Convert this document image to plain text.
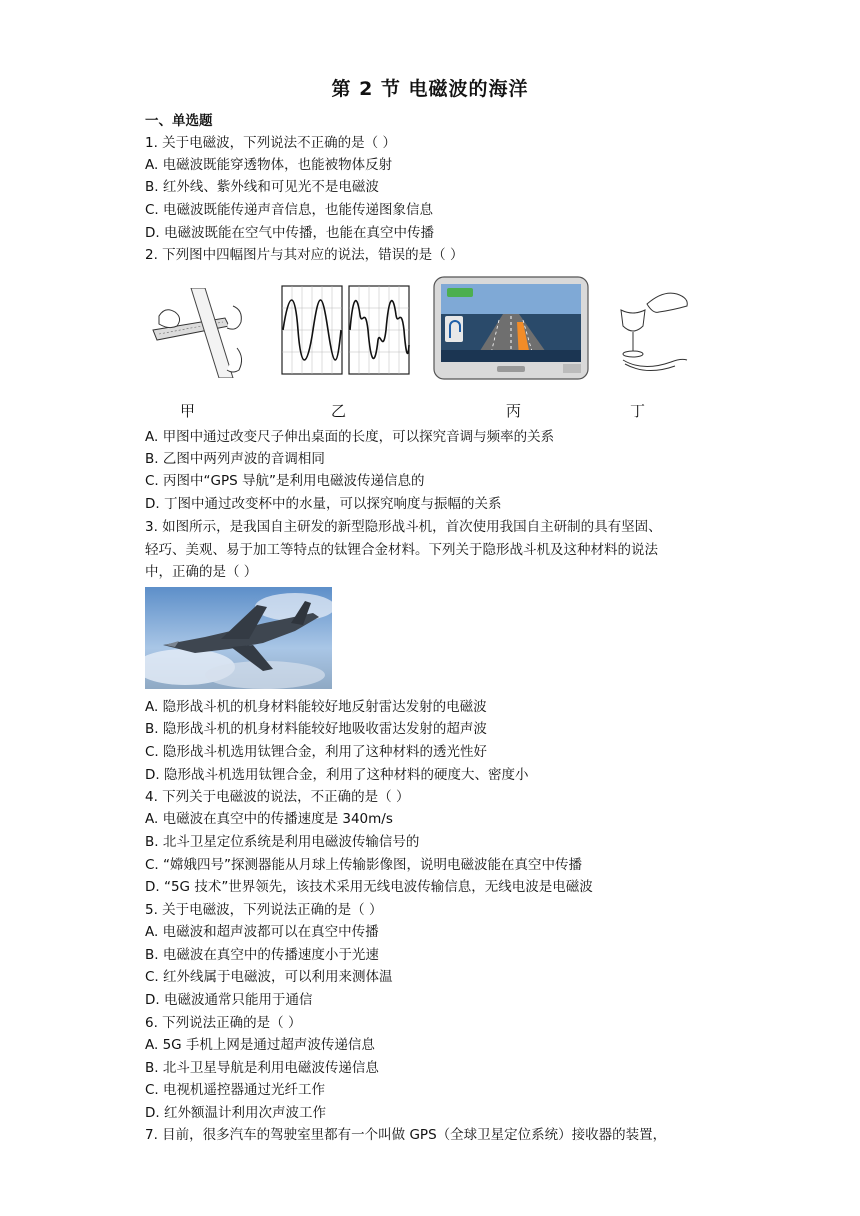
第 2 节 电磁波的海洋
一、单选题
1. 关于电磁波，下列说法不正确的是（ ）
A. 电磁波既能穿透物体，也能被物体反射
B. 红外线、紫外线和可见光不是电磁波
C. 电磁波既能传递声音信息，也能传递图象信息
D. 电磁波既能在空气中传播，也能在真空中传播
2. 下列图中四幅图片与其对应的说法，错误的是（ ）
甲	乙	丙	丁
A. 甲图中通过改变尺子伸出桌面的长度，可以探究音调与频率的关系
B. 乙图中两列声波的音调相同
C. 丙图中“GPS 导航”是利用电磁波传递信息的
D. 丁图中通过改变杯中的水量，可以探究响度与振幅的关系
3. 如图所示，是我国自主研发的新型隐形战斗机，首次使用我国自主研制的具有坚固、
轻巧、美观、易于加工等特点的钛锂合金材料。下列关于隐形战斗机及这种材料的说法
中，正确的是（ ）
A. 隐形战斗机的机身材料能较好地反射雷达发射的电磁波
B. 隐形战斗机的机身材料能较好地吸收雷达发射的超声波
C. 隐形战斗机选用钛锂合金，利用了这种材料的透光性好
D. 隐形战斗机选用钛锂合金，利用了这种材料的硬度大、密度小
4. 下列关于电磁波的说法，不正确的是（ ）
A. 电磁波在真空中的传播速度是 340m/s
B. 北斗卫星定位系统是利用电磁波传输信号的
C. “嫦娥四号”探测器能从月球上传输影像图，说明电磁波能在真空中传播
D. “5G 技术”世界领先，该技术采用无线电波传输信息，无线电波是电磁波
5. 关于电磁波，下列说法正确的是（ ）
A. 电磁波和超声波都可以在真空中传播
B. 电磁波在真空中的传播速度小于光速
C. 红外线属于电磁波，可以利用来测体温
D. 电磁波通常只能用于通信
6. 下列说法正确的是（ ）
A. 5G 手机上网是通过超声波传递信息
B. 北斗卫星导航是利用电磁波传递信息
C. 电视机遥控器通过光纤工作
D. 红外额温计利用次声波工作
7. 目前，很多汽车的驾驶室里都有一个叫做 GPS（全球卫星定位系统）接收器的装置，
